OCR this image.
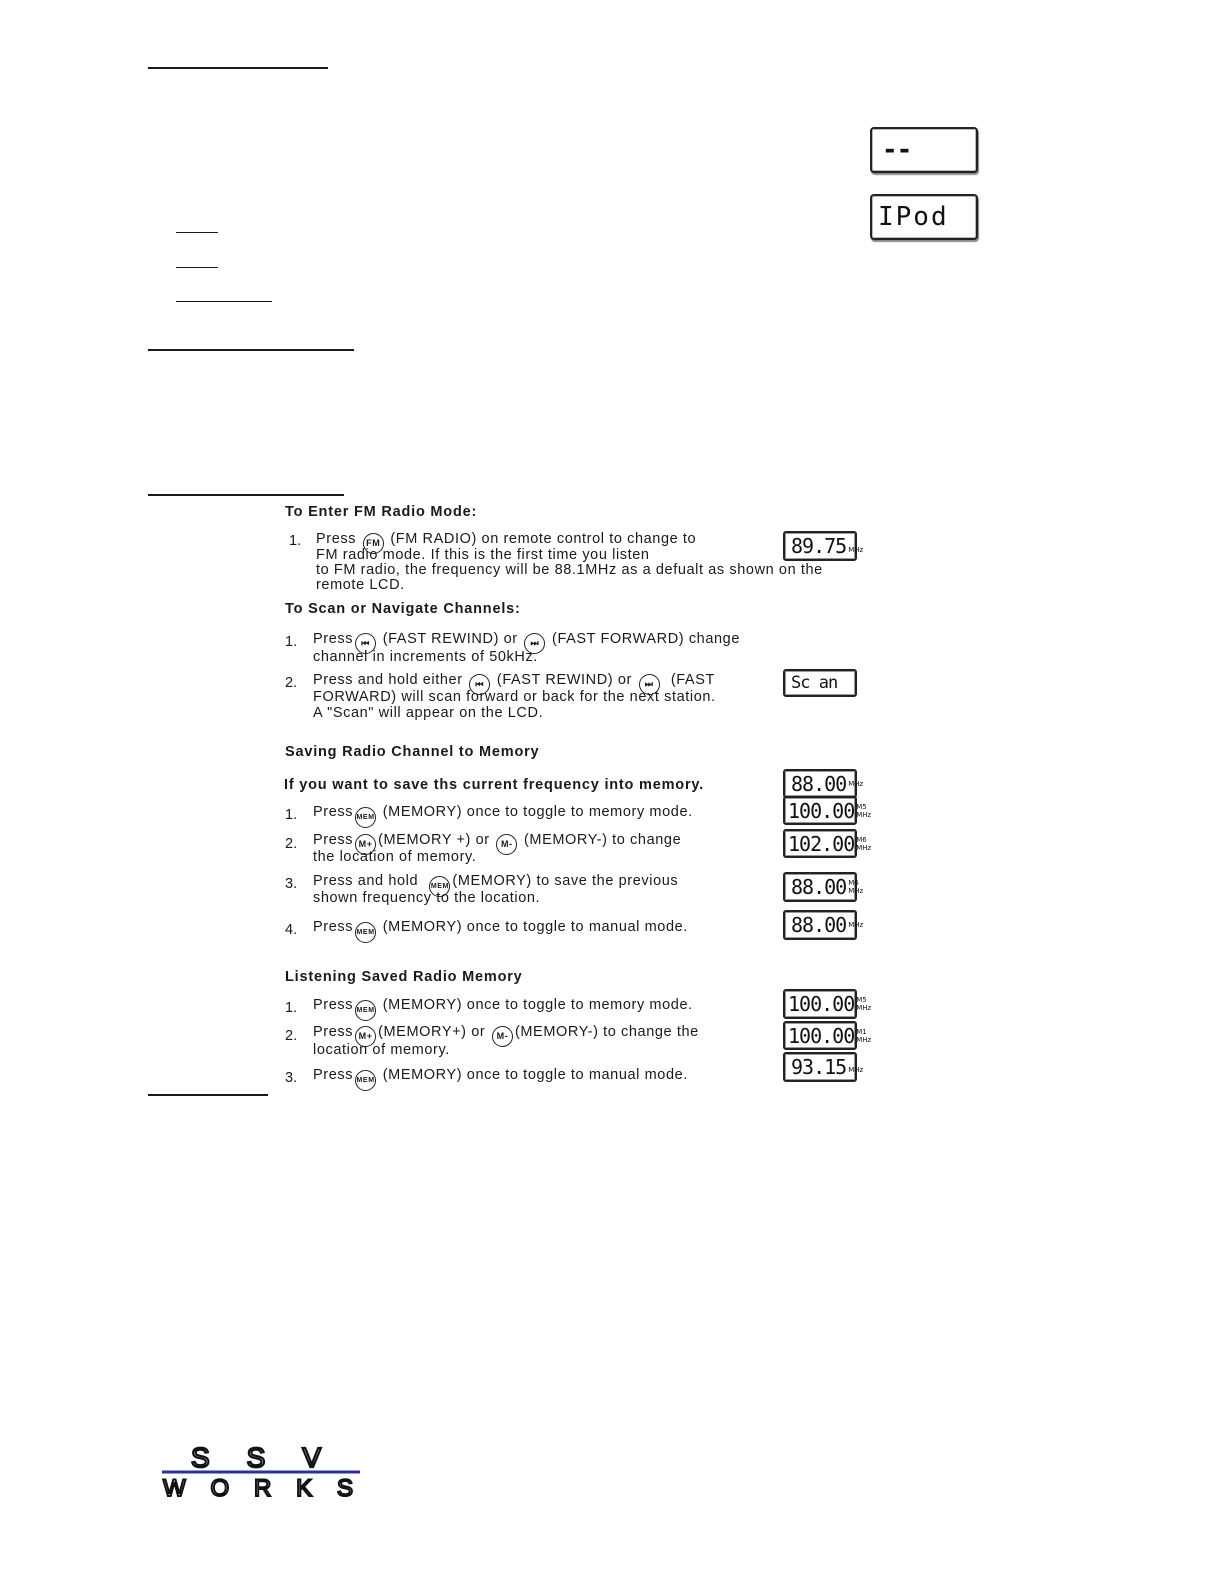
--
IPod
To Enter FM Radio Mode:
1. Press FM (FM RADIO) on remote control to change to
FM radio mode. If this is the first time you listen
to FM radio, the frequency will be 88.1MHz as a defualt as shown on the
remote LCD.
89.75 MHz
To Scan or Navigate Channels:
1. Press ⏮ (FAST REWIND) or ⏭ (FAST FORWARD) change
channel in increments of 50kHz.
2. Press and hold either ⏮ (FAST REWIND) or ⏭ (FAST
FORWARD) will scan forward or back for the next station.
A "Scan" will appear on the LCD.
Sc an
Saving Radio Channel to Memory
If you want to save ths current frequency into memory.
1. Press MEM (MEMORY) once to toggle to memory mode.
2. Press M+ (MEMORY +) or M- (MEMORY-) to change
the location of memory.
3. Press and hold MEM (MEMORY) to save the previous
shown frequency to the location.
4. Press MEM (MEMORY) once to toggle to manual mode.
88.00 MHz
100.00 M5
MHz
102.00 M6
MHz
88.00 M6
MHz
88.00 MHz
Listening Saved Radio Memory
1. Press MEM (MEMORY) once to toggle to memory mode.
2. Press M+ (MEMORY+) or M- (MEMORY-) to change the
location of memory.
3. Press MEM (MEMORY) once to toggle to manual mode.
100.00 M5
MHz
100.00 M1
MHz
93.15 MHz
SSV
WORKS
